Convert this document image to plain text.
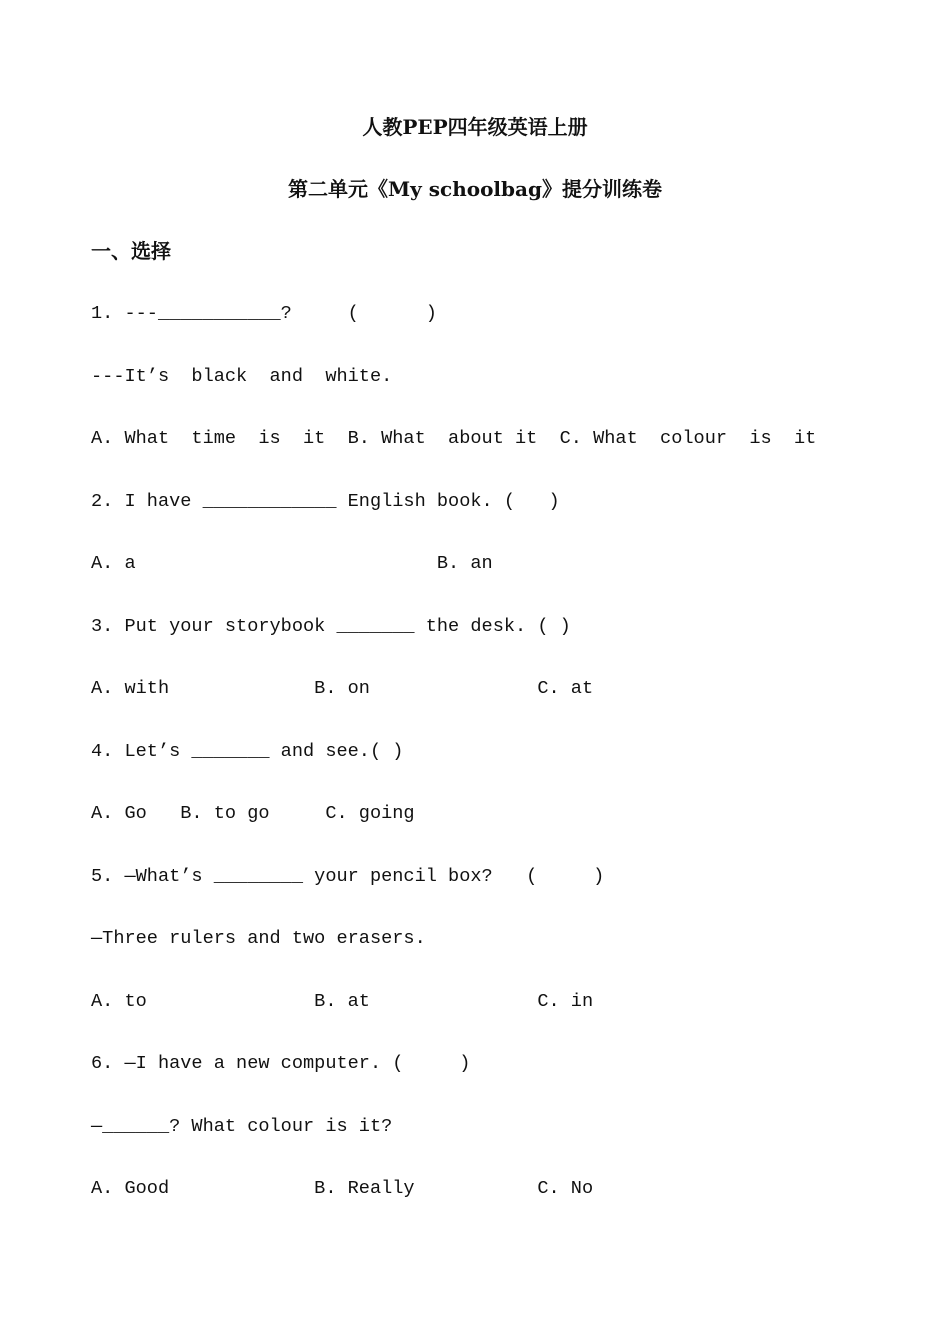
人教PEP四年级英语上册
第二单元《My schoolbag》提分训练卷
一、选择
1. ---___________?     (      )
---It’s  black  and  white.
A. What  time  is  it  B. What  about it  C. What  colour  is  it
2. I have ____________ English book. (   )
A. a                           B. an
3. Put your storybook _______ the desk. ( )
A. with             B. on               C. at
4. Let’s _______ and see.( )
A. Go   B. to go     C. going
5. —What’s ________ your pencil box?   (     )
—Three rulers and two erasers.
A. to               B. at               C. in
6. —I have a new computer. (     )
—______? What colour is it?
A. Good             B. Really           C. No
